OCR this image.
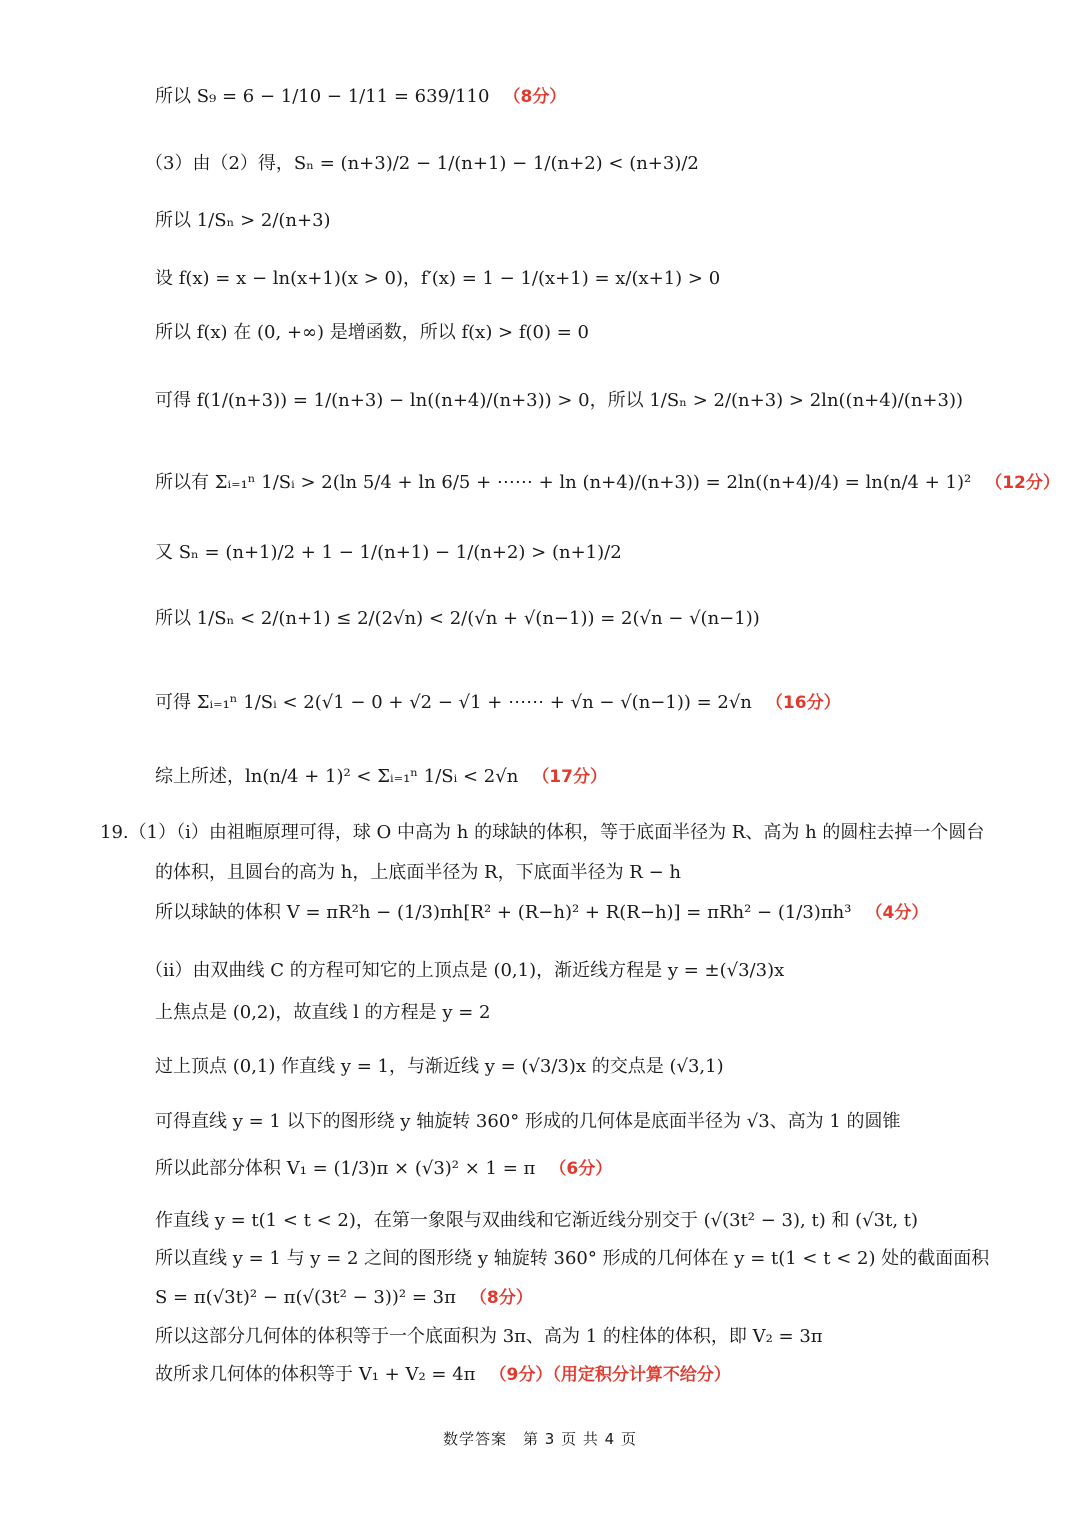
所以 S₉ = 6 − 1/10 − 1/11 = 639/110 （8分）
（3）由（2）得，Sₙ = (n+3)/2 − 1/(n+1) − 1/(n+2) < (n+3)/2
所以 1/Sₙ > 2/(n+3)
设 f(x) = x − ln(x+1)(x > 0)，f′(x) = 1 − 1/(x+1) = x/(x+1) > 0
所以 f(x) 在 (0, +∞) 是增函数，所以 f(x) > f(0) = 0
可得 f(1/(n+3)) = 1/(n+3) − ln((n+4)/(n+3)) > 0，所以 1/Sₙ > 2/(n+3) > 2ln((n+4)/(n+3))
所以有 Σᵢ₌₁ⁿ 1/Sᵢ > 2(ln 5/4 + ln 6/5 + ⋯⋯ + ln (n+4)/(n+3)) = 2ln((n+4)/4) = ln(n/4 + 1)² （12分）
又 Sₙ = (n+1)/2 + 1 − 1/(n+1) − 1/(n+2) > (n+1)/2
所以 1/Sₙ < 2/(n+1) ≤ 2/(2√n) < 2/(√n + √(n−1)) = 2(√n − √(n−1))
可得 Σᵢ₌₁ⁿ 1/Sᵢ < 2(√1 − 0 + √2 − √1 + ⋯⋯ + √n − √(n−1)) = 2√n （16分）
综上所述，ln(n/4 + 1)² < Σᵢ₌₁ⁿ 1/Sᵢ < 2√n （17分）
19.（1）（i）由祖暅原理可得，球 O 中高为 h 的球缺的体积，等于底面半径为 R、高为 h 的圆柱去掉一个圆台
的体积，且圆台的高为 h，上底面半径为 R，下底面半径为 R − h
所以球缺的体积 V = πR²h − (1/3)πh[R² + (R−h)² + R(R−h)] = πRh² − (1/3)πh³ （4分）
（ii）由双曲线 C 的方程可知它的上顶点是 (0,1)，渐近线方程是 y = ±(√3/3)x
上焦点是 (0,2)，故直线 l 的方程是 y = 2
过上顶点 (0,1) 作直线 y = 1，与渐近线 y = (√3/3)x 的交点是 (√3,1)
可得直线 y = 1 以下的图形绕 y 轴旋转 360° 形成的几何体是底面半径为 √3、高为 1 的圆锥
所以此部分体积 V₁ = (1/3)π × (√3)² × 1 = π （6分）
作直线 y = t(1 < t < 2)，在第一象限与双曲线和它渐近线分别交于 (√(3t² − 3), t) 和 (√3t, t)
所以直线 y = 1 与 y = 2 之间的图形绕 y 轴旋转 360° 形成的几何体在 y = t(1 < t < 2) 处的截面面积
S = π(√3t)² − π(√(3t² − 3))² = 3π （8分）
所以这部分几何体的体积等于一个底面积为 3π、高为 1 的柱体的体积，即 V₂ = 3π
故所求几何体的体积等于 V₁ + V₂ = 4π （9分）（用定积分计算不给分）
数学答案　第 3 页 共 4 页
